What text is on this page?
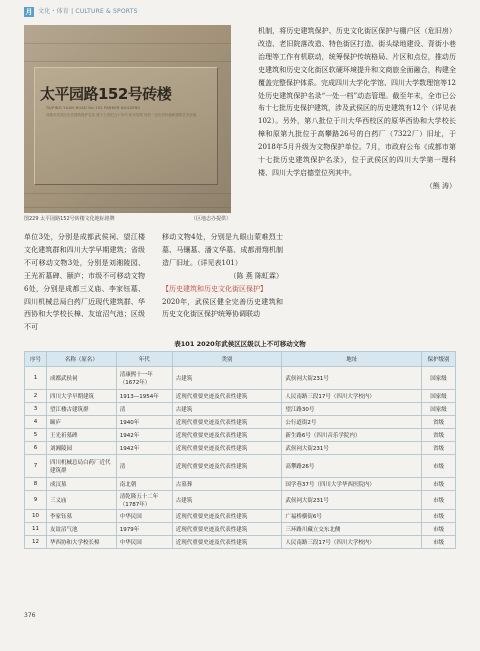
月 文化・体育 | CULTURE & SPORTS
太平园路152号砖楼
TAIPING YUAN ROAD No.152 PARKER BUILDING
成都市武侯区历史建筑保护名录 建于上世纪五十年代 砖木结构 具有一定历史价值和建筑艺术价值
图229 太平园路152号砖楼文化地标铭牌	（区地志办提供）

机制，将历史建筑保护、历史文化街区保护与棚户区（危旧房）改造、老旧院落改造、特色街区打造、街头绿地建设、背街小巷治理等工作有机联动，统筹保护传统格局、片区和点位，推动历史建筑和历史文化街区软硬环境提升和文商旅全面融合，构建全覆盖完整保护体系。完成四川大学化学馆、四川大学数理馆等12处历史建筑保护名录“一处一档”动态管理。截至年末，全市已公布十七批历史保护建筑，涉及武侯区的历史建筑有12个（详见表102）。另外，第八批位于川大华西校区的原华西协和大学校长樟和原第九批位于高攀路26号的白药厂（7322厂）旧址，于2018年5月升级为文物保护单位。7月，市政府公布《成都市第十七批历史建筑保护名录》，位于武侯区的四川大学第一理科楼、四川大学启德堂位列其中。

（熊 涛）

单位3处，分别是成都武侯祠、望江楼文化建筑群和四川大学早期建筑；省级不可移动文物3处，分别是刘湘陵园、王光祈墓碑、颐庐；市级不可移动文物6处，分别是成都三义庙、李家钰墓、四川机械总局白药厂近现代建筑群、华西协和大学校长樟、友谊沼气池；区级不可

移动文物4处，分别是九眼山蒙难烈士墓、马镶墓、潘文华墓、成都滑翔机制造厂旧址。（详见表101）

（陈 燕 陈虹霖）

【历史建筑和历史文化街区保护】

2020年，武侯区健全完善历史建筑和历史文化街区保护统筹协调联动

表101 2020年武侯区区级以上不可移动文物
序号	名称（原名）	年代	类别	地址	保护级别
1	成都武侯祠	清康熙十一年（1672年）	古建筑	武侯祠大街231号	国家级
2	四川大学早期建筑	1913—1954年	近现代重要史迹及代表性建筑	人民南路三段17号（四川大学校内）	国家级
3	望江楼古建筑群	清	古建筑	望江路30号	国家级
4	颐庐	1940年	近现代重要史迹及代表性建筑	公行道街2号	省级
5	王光祈墓碑	1942年	近现代重要史迹及代表性建筑	新生路6号（四川音乐学院内）	省级
6	刘湘陵园	1942年	近现代重要史迹及代表性建筑	武侯祠大街231号	省级
7	四川机械总局白药厂近代建筑群	清	近现代重要史迹及代表性建筑	高攀路26号	市级
8	成汉墓	南北朝	古墓葬	国学巷37号（四川大学华西医院内）	市级
9	三义庙	清乾隆五十二年（1787年）	古建筑	武侯祠大街231号	市级
10	李家钰墓	中华民国	近现代重要史迹及代表性建筑	广福桥横街6号	市级
11	友谊沼气池	1979年	近现代重要史迹及代表性建筑	三环路川藏立交东北侧	市级
12	华西协和大学校长樟	中华民国	近现代重要史迹及代表性建筑	人民南路三段17号（四川大学校内）	市级
376
